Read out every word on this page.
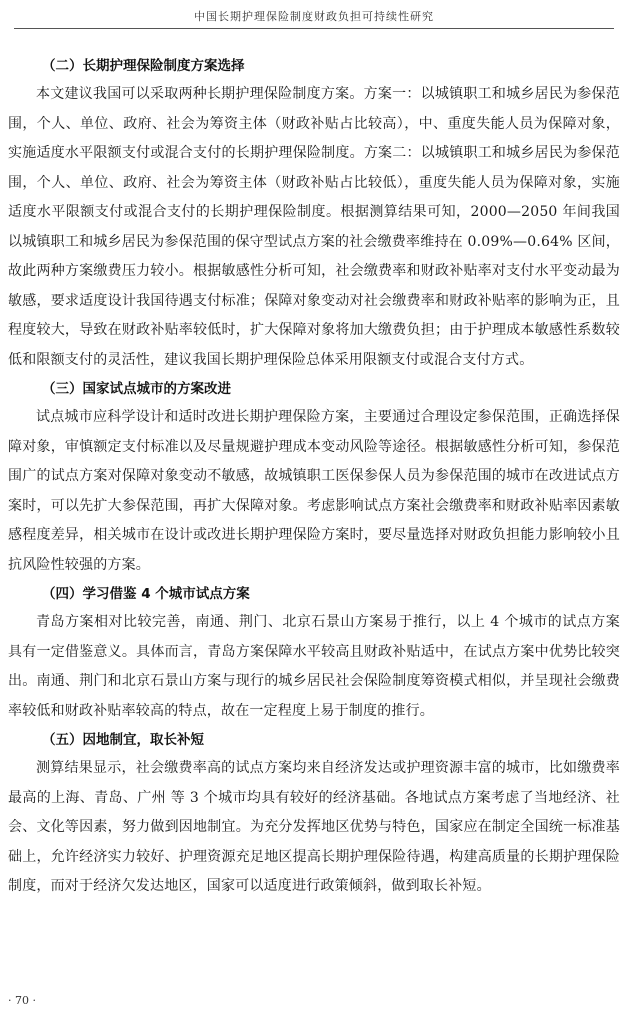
中国长期护理保险制度财政负担可持续性研究
（二）长期护理保险制度方案选择

本文建议我国可以采取两种长期护理保险制度方案。方案一：以城镇职工和城乡居民为参保范围，个人、单位、政府、社会为筹资主体（财政补贴占比较高），中、重度失能人员为保障对象，实施适度水平限额支付或混合支付的长期护理保险制度。方案二：以城镇职工和城乡居民为参保范围，个人、单位、政府、社会为筹资主体（财政补贴占比较低），重度失能人员为保障对象，实施适度水平限额支付或混合支付的长期护理保险制度。根据测算结果可知，2000—2050 年间我国以城镇职工和城乡居民为参保范围的保守型试点方案的社会缴费率维持在 0.09%—0.64% 区间，故此两种方案缴费压力较小。根据敏感性分析可知，社会缴费率和财政补贴率对支付水平变动最为敏感，要求适度设计我国待遇支付标准；保障对象变动对社会缴费率和财政补贴率的影响为正，且程度较大，导致在财政补贴率较低时，扩大保障对象将加大缴费负担；由于护理成本敏感性系数较低和限额支付的灵活性，建议我国长期护理保险总体采用限额支付或混合支付方式。

（三）国家试点城市的方案改进

试点城市应科学设计和适时改进长期护理保险方案，主要通过合理设定参保范围，正确选择保障对象，审慎额定支付标准以及尽量规避护理成本变动风险等途径。根据敏感性分析可知，参保范围广的试点方案对保障对象变动不敏感，故城镇职工医保参保人员为参保范围的城市在改进试点方案时，可以先扩大参保范围，再扩大保障对象。考虑影响试点方案社会缴费率和财政补贴率因素敏感程度差异，相关城市在设计或改进长期护理保险方案时，要尽量选择对财政负担能力影响较小且抗风险性较强的方案。

（四）学习借鉴 4 个城市试点方案

青岛方案相对比较完善，南通、荆门、北京石景山方案易于推行，以上 4 个城市的试点方案具有一定借鉴意义。具体而言，青岛方案保障水平较高且财政补贴适中，在试点方案中优势比较突出。南通、荆门和北京石景山方案与现行的城乡居民社会保险制度筹资模式相似，并呈现社会缴费率较低和财政补贴率较高的特点，故在一定程度上易于制度的推行。

（五）因地制宜，取长补短

测算结果显示，社会缴费率高的试点方案均来自经济发达或护理资源丰富的城市，比如缴费率最高的上海、青岛、广州 等 3 个城市均具有较好的经济基础。各地试点方案考虑了当地经济、社会、文化等因素，努力做到因地制宜。为充分发挥地区优势与特色，国家应在制定全国统一标准基础上，允许经济实力较好、护理资源充足地区提高长期护理保险待遇，构建高质量的长期护理保险制度，而对于经济欠发达地区，国家可以适度进行政策倾斜，做到取长补短。

· 70 ·
